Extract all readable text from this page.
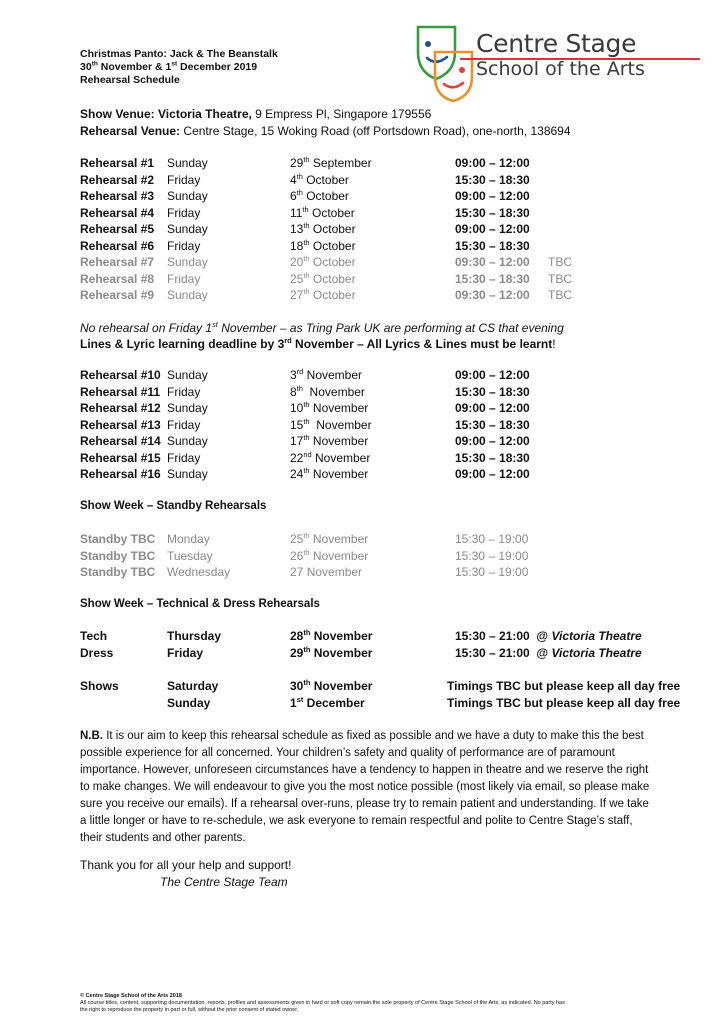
Christmas Panto: Jack & The Beanstalk
30th November & 1st December 2019
Rehearsal Schedule
Centre Stage
School of the Arts
Show Venue: Victoria Theatre, 9 Empress Pl, Singapore 179556
Rehearsal Venue: Centre Stage, 15 Woking Road (off Portsdown Road), one-north, 138694
Rehearsal #1 Sunday	29th September	09:00 – 12:00
Rehearsal #2 Friday	4th October	15:30 – 18:30
Rehearsal #3 Sunday	6th October	09:00 – 12:00
Rehearsal #4 Friday	11th October	15:30 – 18:30
Rehearsal #5 Sunday	13th October	09:00 – 12:00
Rehearsal #6 Friday	18th October	15:30 – 18:30
Rehearsal #7 Sunday	20th October	09:30 – 12:00 TBC
Rehearsal #8 Friday	25th October	15:30 – 18:30 TBC
Rehearsal #9 Sunday	27th October	09:30 – 12:00 TBC
No rehearsal on Friday 1st November – as Tring Park UK are performing at CS that evening
Lines & Lyric learning deadline by 3rd November – All Lyrics & Lines must be learnt!
Rehearsal #10 Sunday	3rd November	09:00 – 12:00
Rehearsal #11 Friday	8th  November	15:30 – 18:30
Rehearsal #12 Sunday	10th November	09:00 – 12:00
Rehearsal #13 Friday	15th  November	15:30 – 18:30
Rehearsal #14 Sunday	17th November	09:00 – 12:00
Rehearsal #15 Friday	22nd November	15:30 – 18:30
Rehearsal #16 Sunday	24th November	09:00 – 12:00
Show Week – Standby Rehearsals
Standby TBC Monday	25th November	15:30 – 19:00
Standby TBC Tuesday	26th November	15:30 – 19:00
Standby TBC Wednesday	27 November	15:30 – 19:00
Show Week – Technical & Dress Rehearsals
Tech	Thursday	28th November	15:30 – 21:00  @ Victoria Theatre
Dress	Friday	29th November	15:30 – 21:00  @ Victoria Theatre
Shows	Saturday	30th November	Timings TBC but please keep all day free
Sunday	1st December	Timings TBC but please keep all day free
N.B. It is our aim to keep this rehearsal schedule as fixed as possible and we have a duty to make this the best possible experience for all concerned. Your children’s safety and quality of performance are of paramount importance. However, unforeseen circumstances have a tendency to happen in theatre and we reserve the right to make changes. We will endeavour to give you the most notice possible (most likely via email, so please make sure you receive our emails). If a rehearsal over-runs, please try to remain patient and understanding. If we take a little longer or have to re-schedule, we ask everyone to remain respectful and polite to Centre Stage’s staff, their students and other parents.
Thank you for all your help and support!
The Centre Stage Team
© Centre Stage School of the Arts 2018
All course titles, content, supporting documentation, reports, profiles and assessments given in hard or soft copy remain the sole property of Centre Stage School of the Arts, as indicated. No party has
the right to reproduce the property in part or full, without the prior consent of stated owner.
